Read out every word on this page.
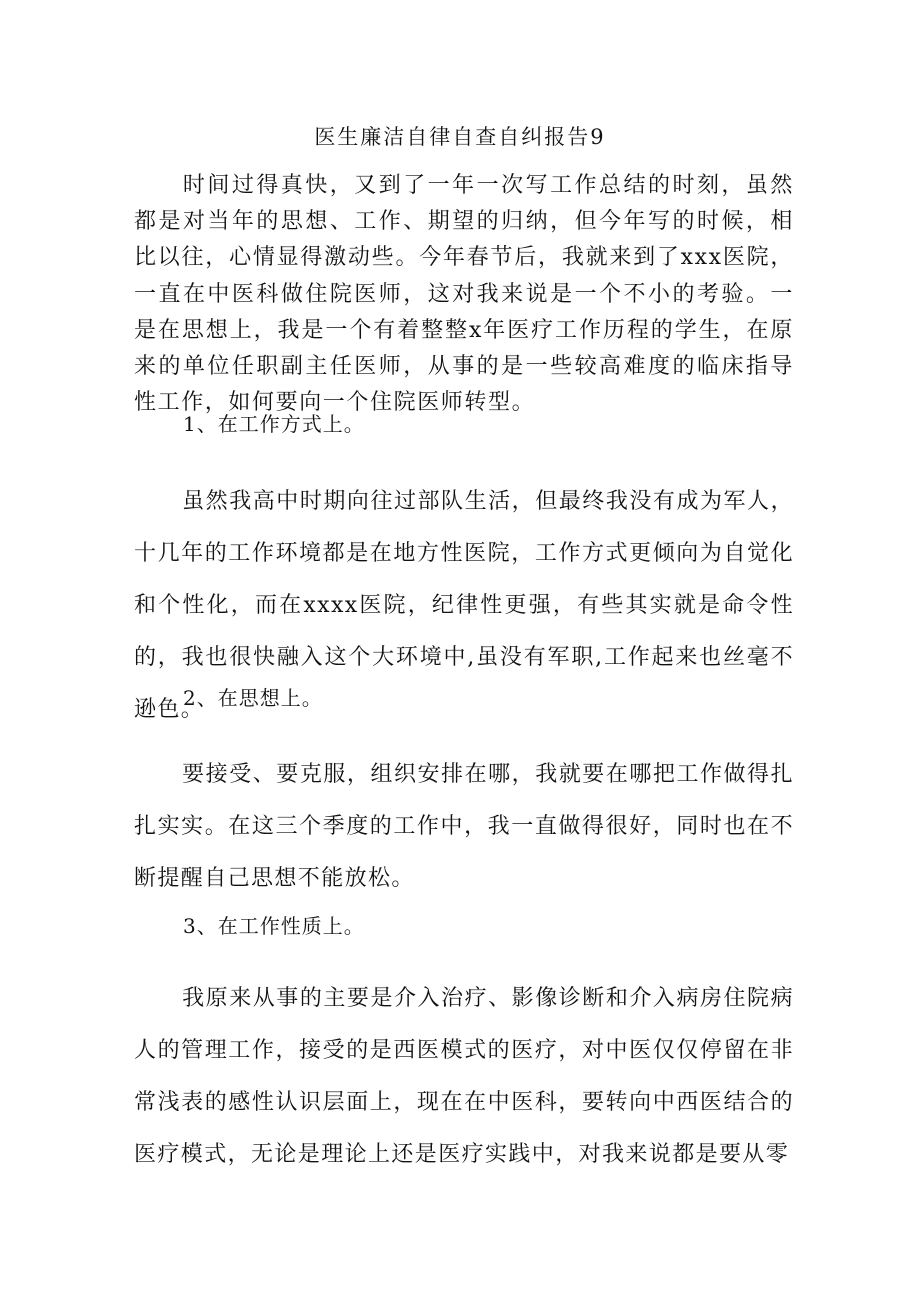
医生廉洁自律自查自纠报告9

时间过得真快，又到了一年一次写工作总结的时刻，虽然都是对当年的思想、工作、期望的归纳，但今年写的时候，相比以往，心情显得激动些。今年春节后，我就来到了xxx医院，一直在中医科做住院医师，这对我来说是一个不小的考验。一是在思想上，我是一个有着整整x年医疗工作历程的学生，在原来的单位任职副主任医师，从事的是一些较高难度的临床指导性工作，如何要向一个住院医师转型。

1、在工作方式上。

虽然我高中时期向往过部队生活，但最终我没有成为军人，十几年的工作环境都是在地方性医院，工作方式更倾向为自觉化和个性化，而在xxxx医院，纪律性更强，有些其实就是命令性的，我也很快融入这个大环境中,虽没有军职,工作起来也丝毫不逊色。

2、在思想上。

要接受、要克服，组织安排在哪，我就要在哪把工作做得扎扎实实。在这三个季度的工作中，我一直做得很好，同时也在不断提醒自己思想不能放松。

3、在工作性质上。

我原来从事的主要是介入治疗、影像诊断和介入病房住院病人的管理工作，接受的是西医模式的医疗，对中医仅仅停留在非常浅表的感性认识层面上，现在在中医科，要转向中西医结合的医疗模式，无论是理论上还是医疗实践中，对我来说都是要从零
